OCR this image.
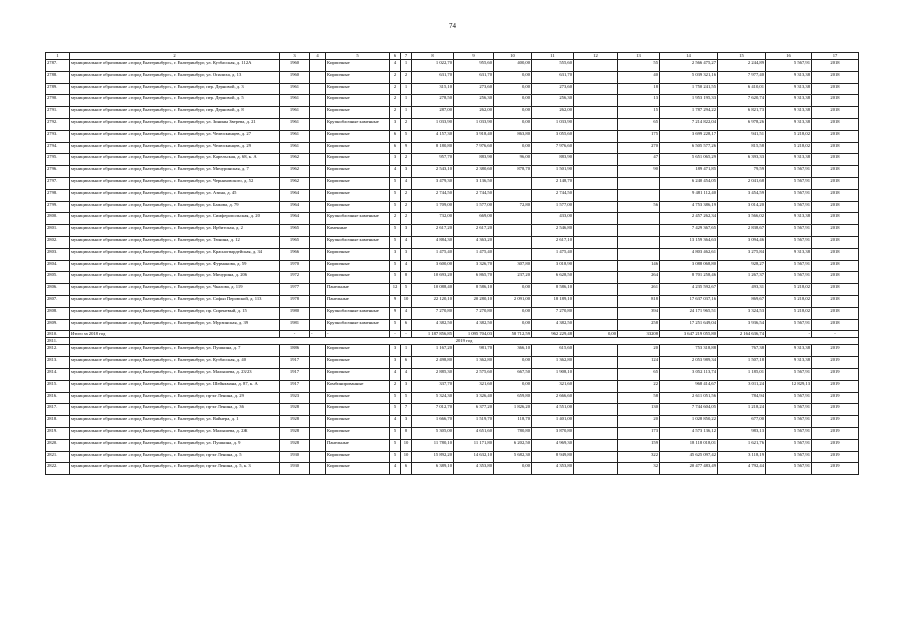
74
1	2	3	4	5	6	7	8	9	10	11	12	13	14	15	16	17
2787.	муниципальное образование «город Екатеринбург», г. Екатеринбург, ул. Кузбасская, д. 112А	1960		Кирпичные	4	1	1 022,70	955,60	400,00	555,60		55	2 566 475,27	2 244,89	5 567,91	2018
2788.	муниципальное образование «город Екатеринбург», г. Екатеринбург, ул. Опалиха, д. 13	1960		Кирпичные	2	2	631,70	631,70	0,00	631,70		40	5 039 321,16	7 977,40	9 313,38	2018
2789.	муниципальное образование «город Екатеринбург», г. Екатеринбург, пер. Дерновой, д. 3	1961		Кирпичные	2	1	315,10	273,60	0,00	273,60		18	1 750 241,55	6 410,01	9 313,38	2018
2790.	муниципальное образование «город Екатеринбург», г. Екатеринбург, пер. Дерновой, д. 5	1961		Кирпичные	2	1	278,50	256,30	0,00	256,30		13	1 953 195,33	7 620,74	9 313,38	2018
2791.	муниципальное образование «город Екатеринбург», г. Екатеринбург, пер. Дерновой, д. 8	1961		Кирпичные	2	1	287,00	262,00	0,00	262,00		15	1 787 294,22	6 821,73	9 313,38	2018
2792.	муниципальное образование «город Екатеринбург», г. Екатеринбург, ул. Зинины Зверева, д. 21	1961		Крупноблочные каменные	3	2	1 033,90	1 033,90	0,00	1 033,90		65	7 214 822,04	6 978,26	9 313,38	2018
2793.	муниципальное образование «город Екатеринбург», г. Екатеринбург, ул. Челюскинцев, д. 27	1961		Кирпичные	6	5	4 157,30	3 918,40	863,80	3 055,60		175	3 699 228,17	941,51	5 218,02	2018
2794.	муниципальное образование «город Екатеринбург», г. Екатеринбург, ул. Челюскинцев, д. 29	1961		Кирпичные	6	9	8 180,80	7 976,60	0,00	7 976,60		270	6 505 577,26	815,58	5 218,02	2018
2795.	муниципальное образование «город Екатеринбург», г. Екатеринбург, ул. Карельская, д. 68, к. А	1962		Кирпичные	3	2	957,70	883,90	96,00	883,90		47	5 651 065,29	6 393,33	9 313,38	2018
2796.	муниципальное образование «город Екатеринбург», г. Екатеринбург, ул. Мичуринская, д. 7	1962		Кирпичные	4	3	2 543,10	2 380,60	878,70	1 501,90		90	189 471,85	79,59	5 567,91	2018
2797.	муниципальное образование «город Екатеринбург», г. Екатеринбург, ул. Черняховского, д. 52	1962		Кирпичные	5	4	3 479,30	3 136,50		2 148,70			6 240 454,05	2 041,68	5 567,91	2018
2798.	муниципальное образование «город Екатеринбург», г. Екатеринбург, ул. Азина, д. 45	1964		Кирпичные	5	2	2 744,50	2 744,50		2 744,50			9 481 112,40	3 454,59	5 567,91	2018
2799.	муниципальное образование «город Екатеринбург», г. Екатеринбург, ул. Бажова, д. 79	1964		Кирпичные	5	2	1 709,00	1 577,00	72,80	1 577,00		56	4 753 386,19	3 014,20	5 567,91	2018
2800.	муниципальное образование «город Екатеринбург», г. Екатеринбург, ул. Симферопольская, д. 20	1964		Крупноблочные каменные	2	2	732,00	669,00		433,00			2 457 262,34	3 566,02	9 313,38	2018
2801.	муниципальное образование «город Екатеринбург», г. Екатеринбург, ул. Ирбитская, д. 2	1965		Каменные	5	3	2 617,20	2 617,20		2 546,80			7 429 367,65	2 838,67	5 567,91	2018
2802.	муниципальное образование «город Екатеринбург», г. Екатеринбург, ул. Тюнина, д. 12	1965		Крупноблочные каменные	5	4	4 884,30	4 363,20		2 617,10			13 159 364,63	3 094,46	5 567,91	2018
2803.	муниципальное образование «город Екатеринбург», г. Екатеринбург, ул. Красногвардейская, д. 34	1966		Кирпичные	3	3	1 475,40	1 475,40		1 475,40			4 803 462,61	3 275,84	9 313,38	2018
2804.	муниципальное образование «город Екатеринбург», г. Екатеринбург, ул. Фурманова, д. 59	1970		Кирпичные	5	4	3 600,00	3 326,70	307,80	3 018,90		146	3 088 068,80	928,27	5 567,91	2018
2805.	муниципальное образование «город Екатеринбург», г. Екатеринбург, ул. Мичурина, д. 206	1972		Кирпичные	5	8	10 693,20	6 865,70	237,20	6 628,50		264	8 701 258,46	1 267,37	5 567,91	2018
2806.	муниципальное образование «город Екатеринбург», г. Екатеринбург, ул. Чкалова, д. 119	1977		Панельные	12	5	10 088,40	8 586,10	0,00	8 586,10		261	4 235 592,67	493,31	5 218,02	2018
2807.	муниципальное образование «город Екатеринбург», г. Екатеринбург, ул. Софьи Перовской, д. 113	1978		Панельные	9	10	22 120,10	20 280,10	2 091,00	18 189,10		818	17 637 037,16	869,67	5 218,02	2018
2808.	муниципальное образование «город Екатеринбург», г. Екатеринбург, пр. Сиреневый, д. 15	1980		Крупноблочные каменные	9	4	7 270,80	7 270,80	0,00	7 270,80		394	24 171 965,51	3 324,53	5 218,02	2018
2809.	муниципальное образование «город Екатеринбург», г. Екатеринбург, ул. Мурзинская, д. 39	1981		Крупноблочные каменные	5	6	4 382,50	4 382,50	0,00	4 382,50		258	17 251 649,04	3 936,54	5 567,91	2018
2810.	Итого за 2018 год	-	-	-	-	-	1 187 856,85	1 095 704,03	58 712,59	962 229,48	0,00	33208	3 647 219 055,80	2 164 636,74	-	-
2811.	2019 год															
2812.	муниципальное образование «город Екатеринбург», г. Екатеринбург, ул. Пушкина, д. 7	1886		Кирпичные	3	1	1 167,20	981,70	366,10	615,60		20	753 318,88	767,38	9 313,38	2019
2813.	муниципальное образование «город Екатеринбург», г. Екатеринбург, ул. Кузбасская, д. 40	1917		Кирпичные	3	6	2 498,80	1 362,80	0,00	1 362,80		124	2 053 989,34	1 507,18	9 313,38	2019
2814.	муниципальное образование «город Екатеринбург», г. Екатеринбург, ул. Малышева, д. 23/23	1917		Кирпичные	4	4	2 885,30	2 575,60	667,50	1 908,10		65	3 052 113,74	1 185,01	5 567,91	2019
2815.	муниципальное образование «город Екатеринбург», г. Екатеринбург, ул. Шейнкмана, д. 87, к. А	1917		Комбинированные	2	3	337,70	321,60	0,00	321,60		22	968 414,67	3 011,24	12 829,13	2019
2816.	муниципальное образование «город Екатеринбург», г. Екатеринбург, пр-кт Ленина, д. 29	1923		Кирпичные	5	5	5 324,30	3 326,40	659,80	2 666,60		58	2 611 051,56	784,94	5 567,91	2019
2817.	муниципальное образование «город Екатеринбург», г. Екатеринбург, пр-кт Ленина, д. 36	1928		Кирпичные	5	7	7 012,70	6 377,20	1 826,20	4 551,00		130	7 744 604,05	1 218,24	5 567,91	2019
2818.	муниципальное образование «город Екатеринбург», г. Екатеринбург, ул. Вайнера, д. 1	1928		Кирпичные	4	3	1 666,70	1 519,70	118,70	1 401,00		20	1 028 850,22	677,00	5 567,91	2019
2819.	муниципальное образование «город Екатеринбург», г. Екатеринбург, ул. Малышева, д. 2Ж	1928		Кирпичные	5	8	5 305,00	4 651,60	780,80	3 870,80		173	4 573 136,12	983,13	5 567,91	2019
2820.	муниципальное образование «город Екатеринбург», г. Екатеринбург, ул. Пушкина, д. 9	1928		Панельные	5	10	11 780,10	11 171,80	6 202,50	4 969,30		159	18 118 018,01	1 621,76	5 567,91	2019
2821.	муниципальное образование «город Екатеринбург», г. Екатеринбург, пр-кт Ленина, д. 5	1930		Кирпичные	5	10	15 892,20	14 632,10	5 682,30	8 949,80		322	45 625 097,42	3 118,19	5 567,91	2019
2822.	муниципальное образование «город Екатеринбург», г. Екатеринбург, пр-кт Ленина, д. 5, к. 3	1930		Кирпичные	4	6	6 389,10	4 353,80	0,00	4 353,80		32	20 477 483,49	4 792,44	5 567,91	2019
